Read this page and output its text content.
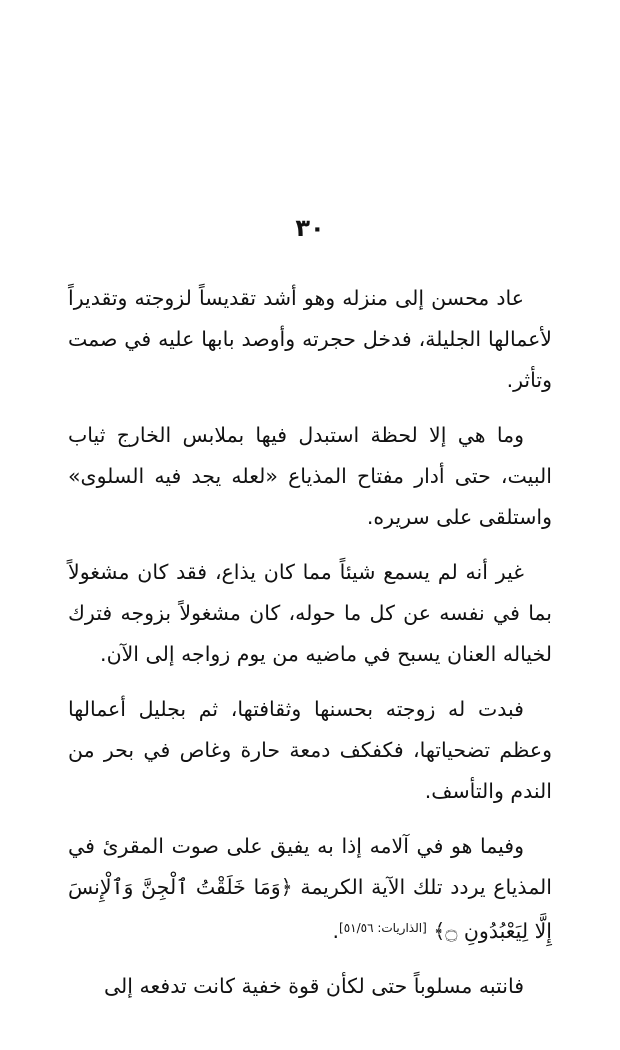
٣٠

عاد محسن إلى منزله وهو أشد تقديساً لزوجته وتقديراً لأعمالها الجليلة، فدخل حجرته وأوصد بابها عليه في صمت وتأثر.

وما هي إلا لحظة استبدل فيها بملابس الخارج ثياب البيت، حتى أدار مفتاح المذياع «لعله يجد فيه السلوى» واستلقى على سريره.

غير أنه لم يسمع شيئاً مما كان يذاع، فقد كان مشغولاً بما في نفسه عن كل ما حوله، كان مشغولاً بزوجه فترك لخياله العنان يسبح في ماضيه من يوم زواجه إلى الآن.

فبدت له زوجته بحسنها وثقافتها، ثم بجليل أعمالها وعظم تضحياتها، فكفكف دمعة حارة وغاص في بحر من الندم والتأسف.

وفيما هو في آلامه إذا به يفيق على صوت المقرئ في المذياع يردد تلك الآية الكريمة ﴿وَمَا خَلَقْتُ ٱلْجِنَّ وَٱلْإِنسَ إِلَّا لِيَعْبُدُونِ ۝﴾ [الذاريات: ٥١/٥٦].

فانتبه مسلوباً حتى لكأن قوة خفية كانت تدفعه إلى
